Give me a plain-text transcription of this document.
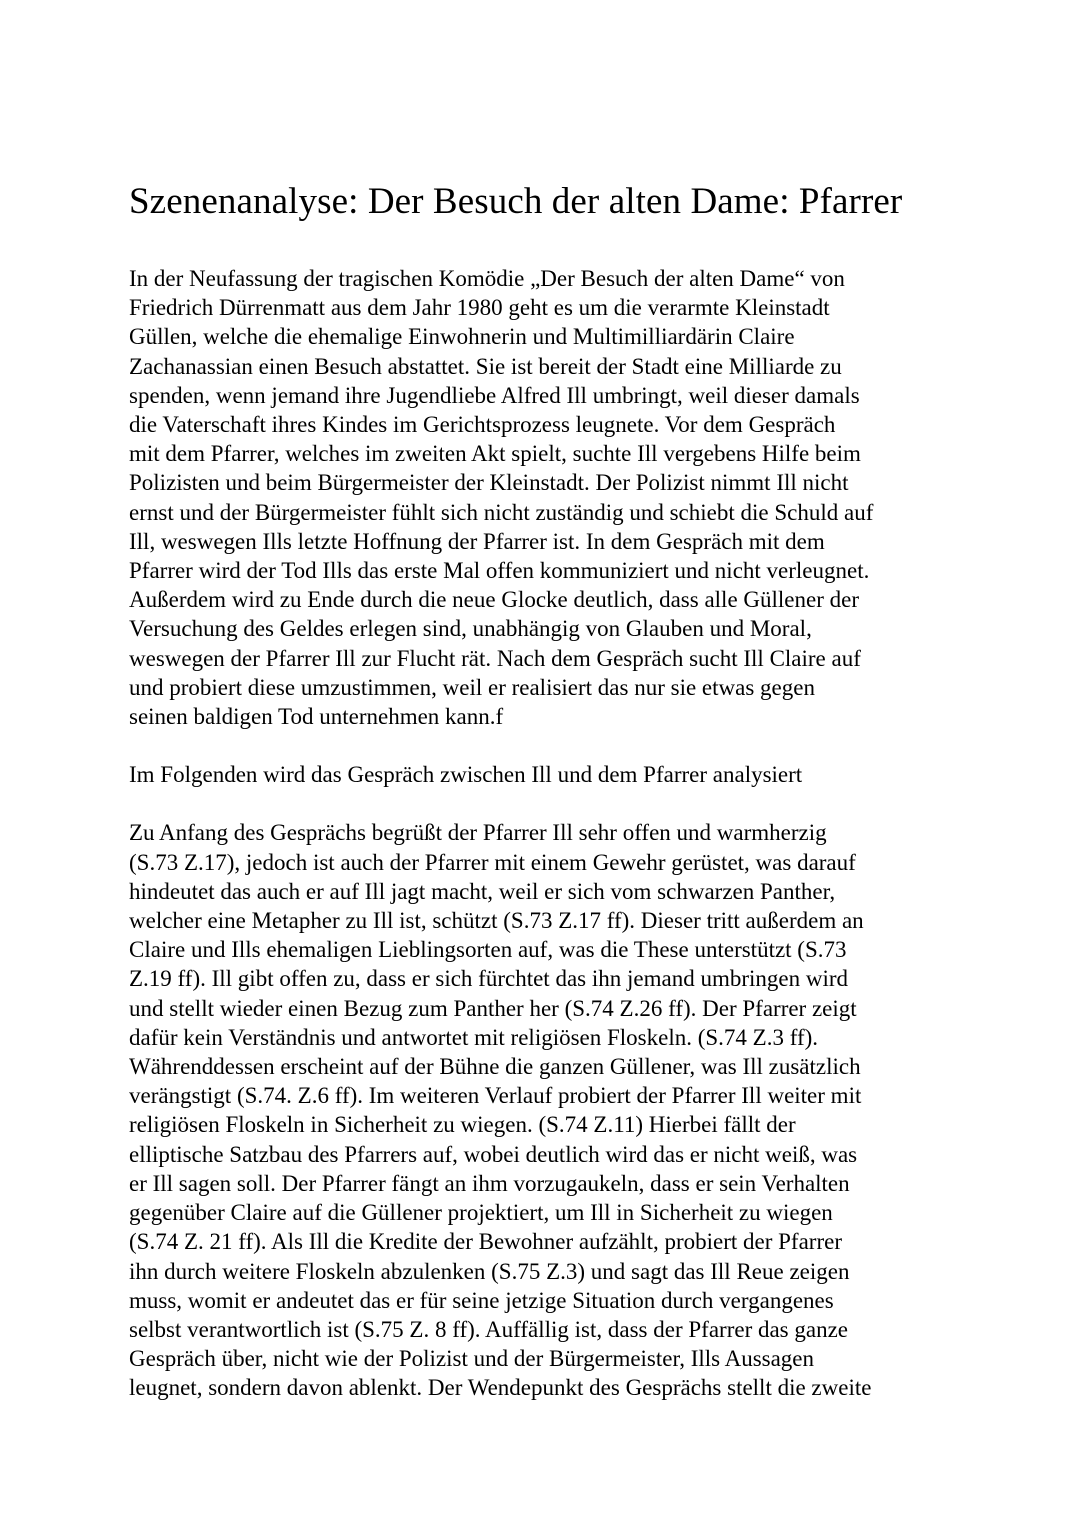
Szenenanalyse: Der Besuch der alten Dame: Pfarrer
In der Neufassung der tragischen Komödie „Der Besuch der alten Dame“ von
Friedrich Dürrenmatt aus dem Jahr 1980 geht es um die verarmte Kleinstadt
Güllen, welche die ehemalige Einwohnerin und Multimilliardärin Claire
Zachanassian einen Besuch abstattet. Sie ist bereit der Stadt eine Milliarde zu
spenden, wenn jemand ihre Jugendliebe Alfred Ill umbringt, weil dieser damals
die Vaterschaft ihres Kindes im Gerichtsprozess leugnete. Vor dem Gespräch
mit dem Pfarrer, welches im zweiten Akt spielt, suchte Ill vergebens Hilfe beim
Polizisten und beim Bürgermeister der Kleinstadt. Der Polizist nimmt Ill nicht
ernst und der Bürgermeister fühlt sich nicht zuständig und schiebt die Schuld auf
Ill, weswegen Ills letzte Hoffnung der Pfarrer ist. In dem Gespräch mit dem
Pfarrer wird der Tod Ills das erste Mal offen kommuniziert und nicht verleugnet.
Außerdem wird zu Ende durch die neue Glocke deutlich, dass alle Güllener der
Versuchung des Geldes erlegen sind, unabhängig von Glauben und Moral,
weswegen der Pfarrer Ill zur Flucht rät. Nach dem Gespräch sucht Ill Claire auf
und probiert diese umzustimmen, weil er realisiert das nur sie etwas gegen
seinen baldigen Tod unternehmen kann.f
Im Folgenden wird das Gespräch zwischen Ill und dem Pfarrer analysiert
Zu Anfang des Gesprächs begrüßt der Pfarrer Ill sehr offen und warmherzig
(S.73 Z.17), jedoch ist auch der Pfarrer mit einem Gewehr gerüstet, was darauf
hindeutet das auch er auf Ill jagt macht, weil er sich vom schwarzen Panther,
welcher eine Metapher zu Ill ist, schützt (S.73 Z.17 ff). Dieser tritt außerdem an
Claire und Ills ehemaligen Lieblingsorten auf, was die These unterstützt (S.73
Z.19 ff). Ill gibt offen zu, dass er sich fürchtet das ihn jemand umbringen wird
und stellt wieder einen Bezug zum Panther her (S.74 Z.26 ff). Der Pfarrer zeigt
dafür kein Verständnis und antwortet mit religiösen Floskeln. (S.74 Z.3 ff).
Währenddessen erscheint auf der Bühne die ganzen Güllener, was Ill zusätzlich
verängstigt (S.74. Z.6 ff). Im weiteren Verlauf probiert der Pfarrer Ill weiter mit
religiösen Floskeln in Sicherheit zu wiegen. (S.74 Z.11) Hierbei fällt der
elliptische Satzbau des Pfarrers auf, wobei deutlich wird das er nicht weiß, was
er Ill sagen soll. Der Pfarrer fängt an ihm vorzugaukeln, dass er sein Verhalten
gegenüber Claire auf die Güllener projektiert, um Ill in Sicherheit zu wiegen
(S.74 Z. 21 ff). Als Ill die Kredite der Bewohner aufzählt, probiert der Pfarrer
ihn durch weitere Floskeln abzulenken (S.75 Z.3) und sagt das Ill Reue zeigen
muss, womit er andeutet das er für seine jetzige Situation durch vergangenes
selbst verantwortlich ist (S.75 Z. 8 ff). Auffällig ist, dass der Pfarrer das ganze
Gespräch über, nicht wie der Polizist und der Bürgermeister, Ills Aussagen
leugnet, sondern davon ablenkt. Der Wendepunkt des Gesprächs stellt die zweite
